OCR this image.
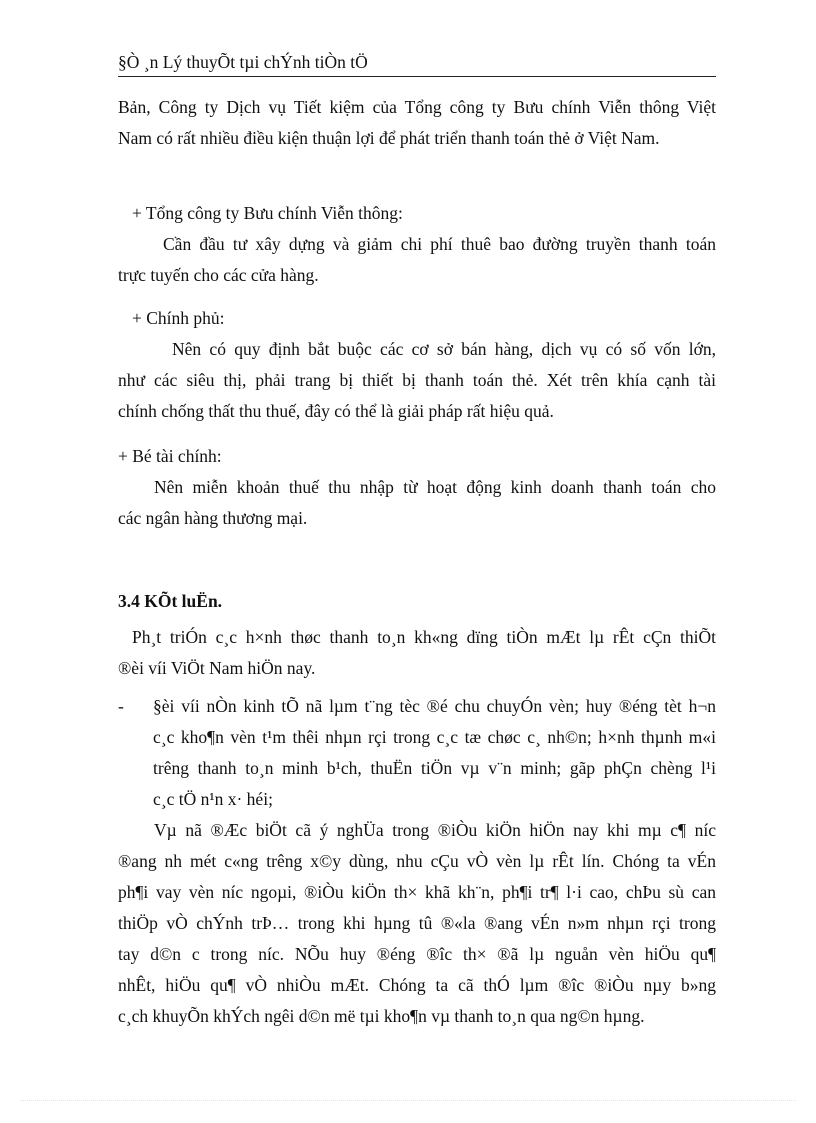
§Ò ¸n Lý thuyÕt tµi chÝnh tiÒn tÖ
Bản, Công ty Dịch vụ Tiết kiệm của Tổng công ty Bưu chính Viễn thông Việt
Nam có rất nhiều điều kiện thuận lợi để phát triển thanh toán thẻ ở Việt Nam.
+ Tổng công ty Bưu chính Viễn thông:
Cần đầu tư xây dựng và giảm chi phí thuê bao đường truyền thanh toán
trực tuyến cho các cửa hàng.
+ Chính phủ:
Nên có quy định bắt buộc các cơ sở bán hàng, dịch vụ có số vốn lớn,
như các siêu thị, phải trang bị thiết bị thanh toán thẻ. Xét trên khía cạnh tài
chính chống thất thu thuế, đây có thể là giải pháp rất hiệu quả.
+ Bé tài chính:
Nên miễn khoản thuế thu nhập từ hoạt động kinh doanh thanh toán cho
các ngân hàng thương mại.
3.4 KÕt luËn.
Ph¸t triÓn c¸c h×nh thøc thanh to¸n kh«ng dïng tiÒn mÆt lµ rÊt cÇn thiÕt
®èi víi ViÖt Nam hiÖn nay.
-	§èi víi nÒn kinh tÕ nã lµm t¨ng tèc ®é chu chuyÓn vèn; huy ®éng tèt h¬n
c¸c kho¶n vèn t¹m thêi nhµn rçi trong c¸c tæ chøc c¸ nh©n; h×nh thµnh m«i
trêng thanh to¸n minh b¹ch, thuËn tiÖn vµ v¨n minh; gãp phÇn chèng l¹i
c¸c tÖ n¹n x· héi;
Vµ nã ®Æc biÖt cã ý nghÜa trong ®iÒu kiÖn hiÖn nay khi mµ c¶ níc
®ang nh mét c«ng trêng x©y dùng, nhu cÇu vÒ vèn lµ rÊt lín. Chóng ta vÉn
ph¶i vay vèn níc ngoµi, ®iÒu kiÖn th× khã kh¨n, ph¶i tr¶ l·i cao, chÞu sù can
thiÖp vÒ chÝnh trÞ… trong khi hµng tû ®«la ®ang vÉn n»m nhµn rçi trong
tay d©n c trong níc. NÕu huy ®éng ®îc th× ®ã lµ nguån vèn hiÖu qu¶
nhÊt, hiÖu qu¶ vÒ nhiÒu mÆt. Chóng ta cã thÓ lµm ®îc ®iÒu nµy b»ng
c¸ch khuyÕn khÝch ngêi d©n më tµi kho¶n vµ thanh to¸n qua ng©n hµng.
